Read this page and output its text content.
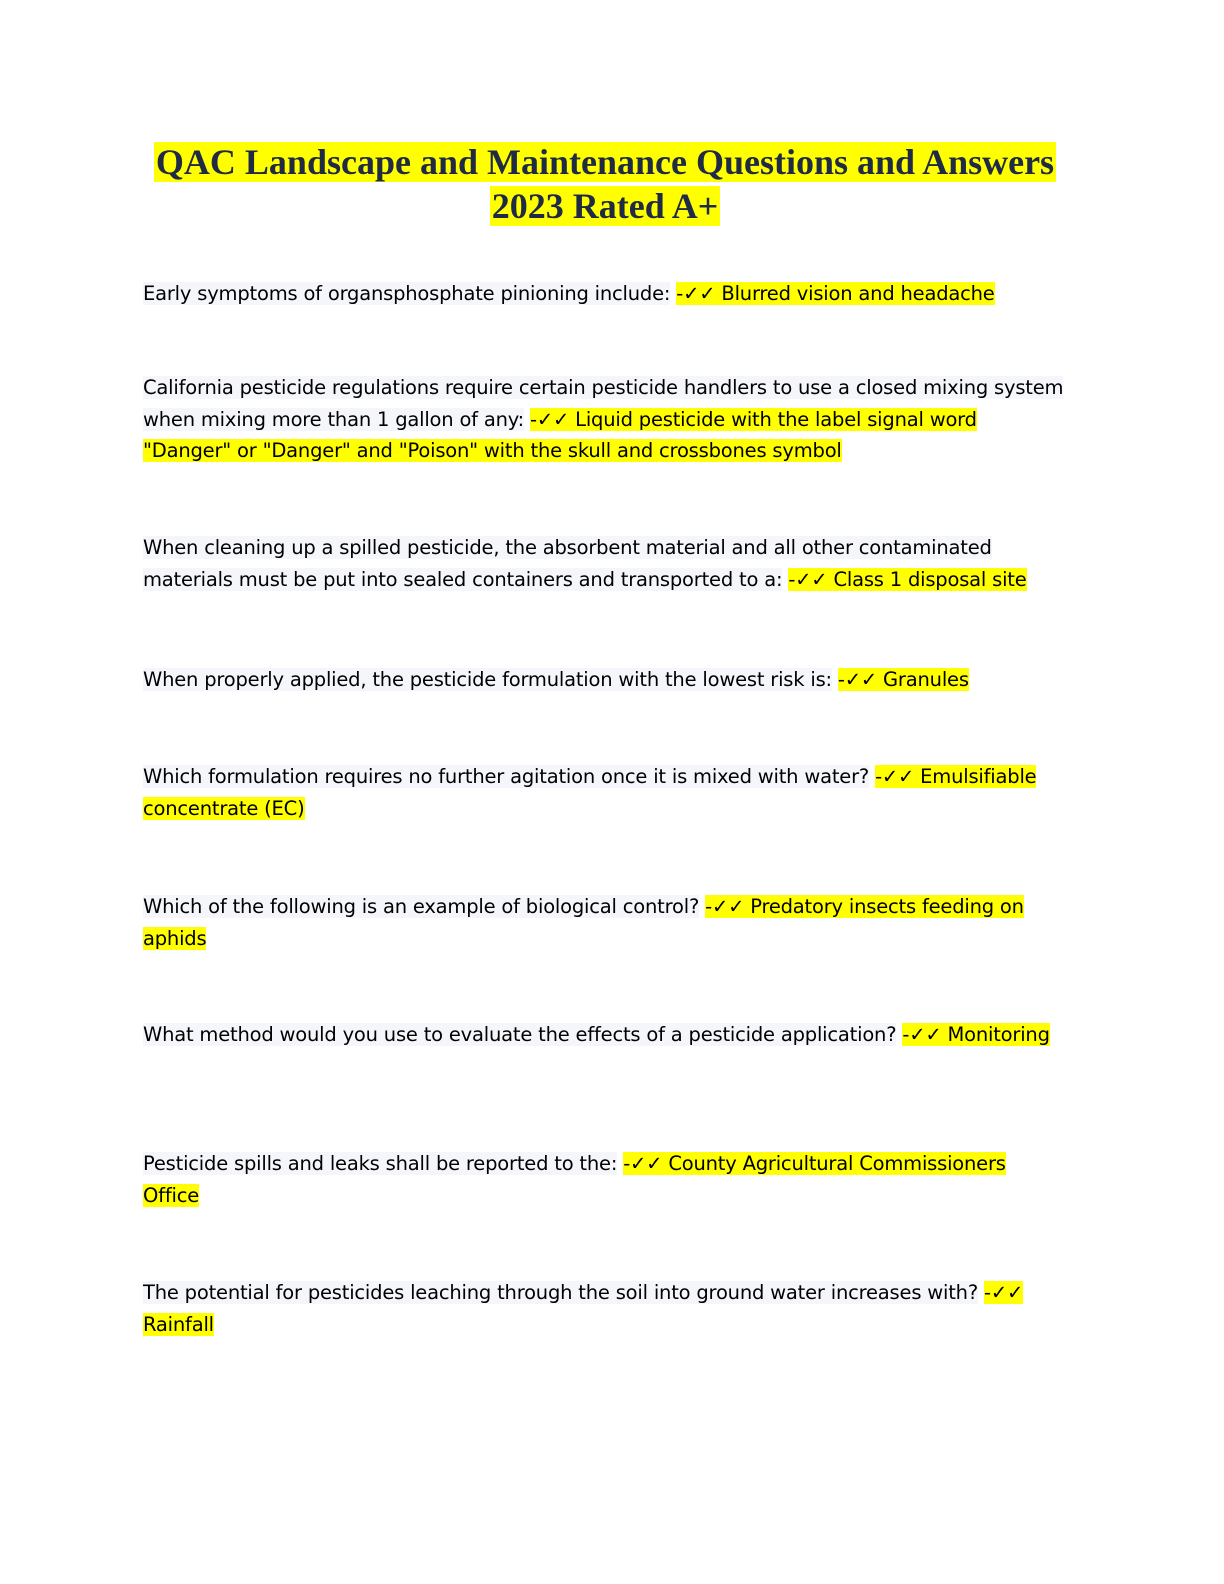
QAC Landscape and Maintenance Questions and Answers
2023 Rated A+
Early symptoms of organsphosphate pinioning include: -✓✓ Blurred vision and headache
California pesticide regulations require certain pesticide handlers to use a closed mixing system when mixing more than 1 gallon of any: -✓✓ Liquid pesticide with the label signal word "Danger" or "Danger" and "Poison" with the skull and crossbones symbol
When cleaning up a spilled pesticide, the absorbent material and all other contaminated materials must be put into sealed containers and transported to a: -✓✓ Class 1 disposal site
When properly applied, the pesticide formulation with the lowest risk is: -✓✓ Granules
Which formulation requires no further agitation once it is mixed with water? -✓✓ Emulsifiable concentrate (EC)
Which of the following is an example of biological control? -✓✓ Predatory insects feeding on aphids
What method would you use to evaluate the effects of a pesticide application? -✓✓ Monitoring
Pesticide spills and leaks shall be reported to the: -✓✓ County Agricultural Commissioners Office
The potential for pesticides leaching through the soil into ground water increases with? -✓✓ Rainfall
